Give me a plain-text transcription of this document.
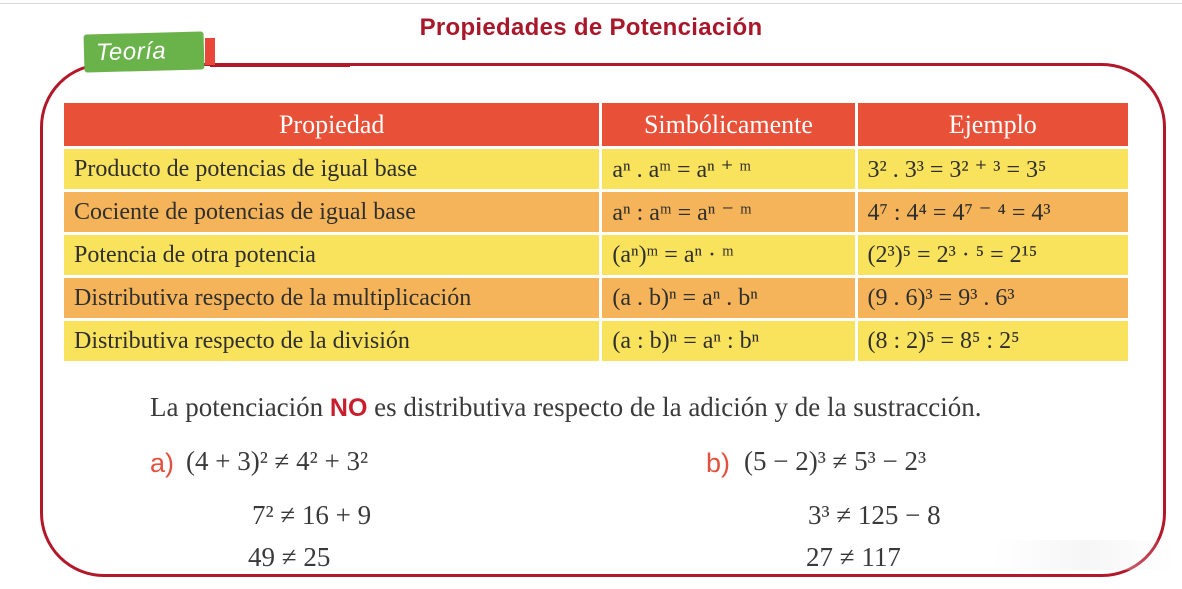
Propiedades de Potenciación
Teoría
Propiedad	Simbólicamente	Ejemplo
Producto de potencias de igual base	aⁿ . aᵐ = aⁿ ⁺ ᵐ	3² . 3³ = 3² ⁺ ³ = 3⁵
Cociente de potencias de igual base	aⁿ : aᵐ = aⁿ ⁻ ᵐ	4⁷ : 4⁴ = 4⁷ ⁻ ⁴ = 4³
Potencia de otra potencia	(aⁿ)ᵐ = aⁿ · ᵐ	(2³)⁵ = 2³ · ⁵ = 2¹⁵
Distributiva respecto de la multiplicación	(a . b)ⁿ = aⁿ . bⁿ	(9 . 6)³ = 9³ . 6³
Distributiva respecto de la división	(a : b)ⁿ = aⁿ : bⁿ	(8 : 2)⁵ = 8⁵ : 2⁵
La potenciación NO es distributiva respecto de la adición y de la sustracción.
a) (4 + 3)² ≠ 4² + 3²
7² ≠ 16 + 9
49 ≠ 25
b) (5 − 2)³ ≠ 5³ − 2³
3³ ≠ 125 − 8
27 ≠ 117
